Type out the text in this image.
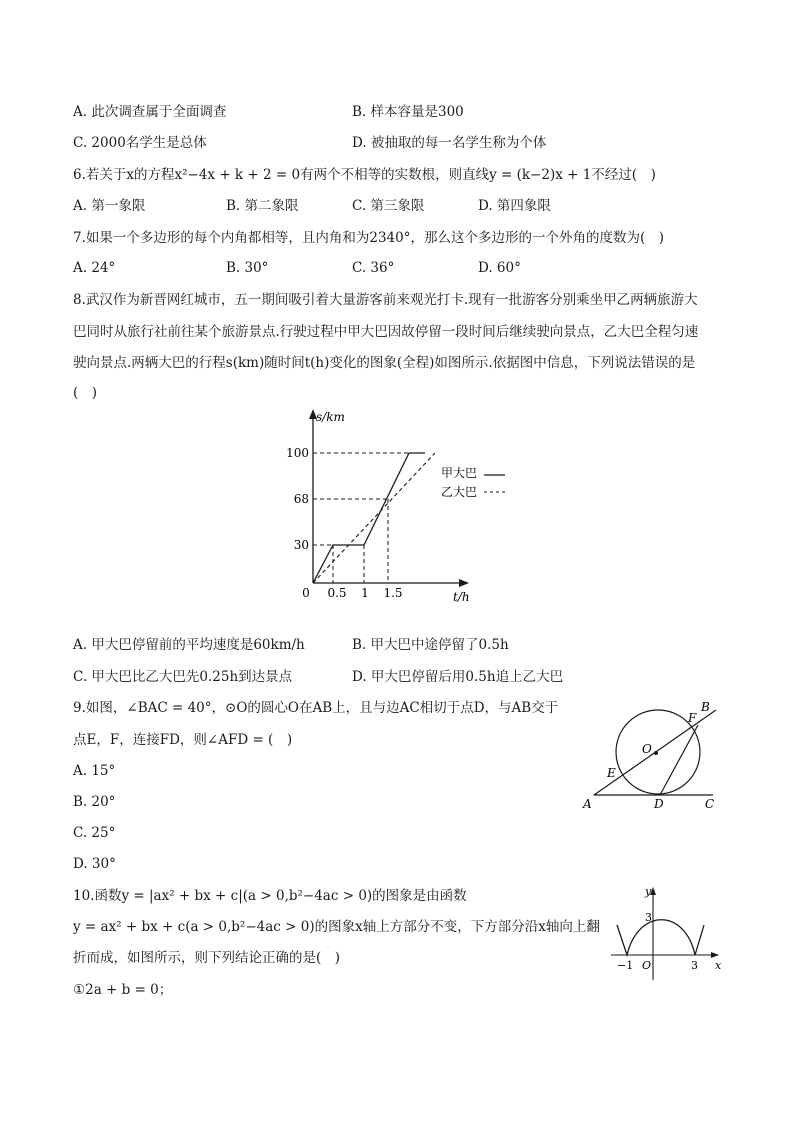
A. 此次调查属于全面调查	B. 样本容量是300
C. 2000名学生是总体	D. 被抽取的每一名学生称为个体
6.若关于x的方程x²−4x + k + 2 = 0有两个不相等的实数根，则直线y = (k−2)x + 1不经过(　)
A. 第一象限	B. 第二象限	C. 第三象限	D. 第四象限
7.如果一个多边形的每个内角都相等，且内角和为2340°，那么这个多边形的一个外角的度数为(　)
A. 24°	B. 30°	C. 36°	D. 60°
8.武汉作为新晋网红城市，五一期间吸引着大量游客前来观光打卡.现有一批游客分别乘坐甲乙两辆旅游大
巴同时从旅行社前往某个旅游景点.行驶过程中甲大巴因故停留一段时间后继续驶向景点，乙大巴全程匀速
驶向景点.两辆大巴的行程s(km)随时间t(h)变化的图象(全程)如图所示.依据图中信息，下列说法错误的是
(　)
s/km
t/h
100
68
30
0 0.5 1 1.5
甲大巴
乙大巴
A. 甲大巴停留前的平均速度是60km/h	B. 甲大巴中途停留了0.5h
C. 甲大巴比乙大巴先0.25h到达景点	D. 甲大巴停留后用0.5h追上乙大巴
9.如图，∠BAC = 40°，⊙O的圆心O在AB上，且与边AC相切于点D，与AB交于
点E，F，连接FD，则∠AFD = (　)
A. 15°
B. 20°
C. 25°
D. 30°
A
B
C
D
E
F
O
10.函数y = |ax² + bx + c|(a > 0,b²−4ac > 0)的图象是由函数
y = ax² + bx + c(a > 0,b²−4ac > 0)的图象x轴上方部分不变，下方部分沿x轴向上翻
折而成，如图所示，则下列结论正确的是(　)
①2a + b = 0；
y
x
3
−1 O	3
